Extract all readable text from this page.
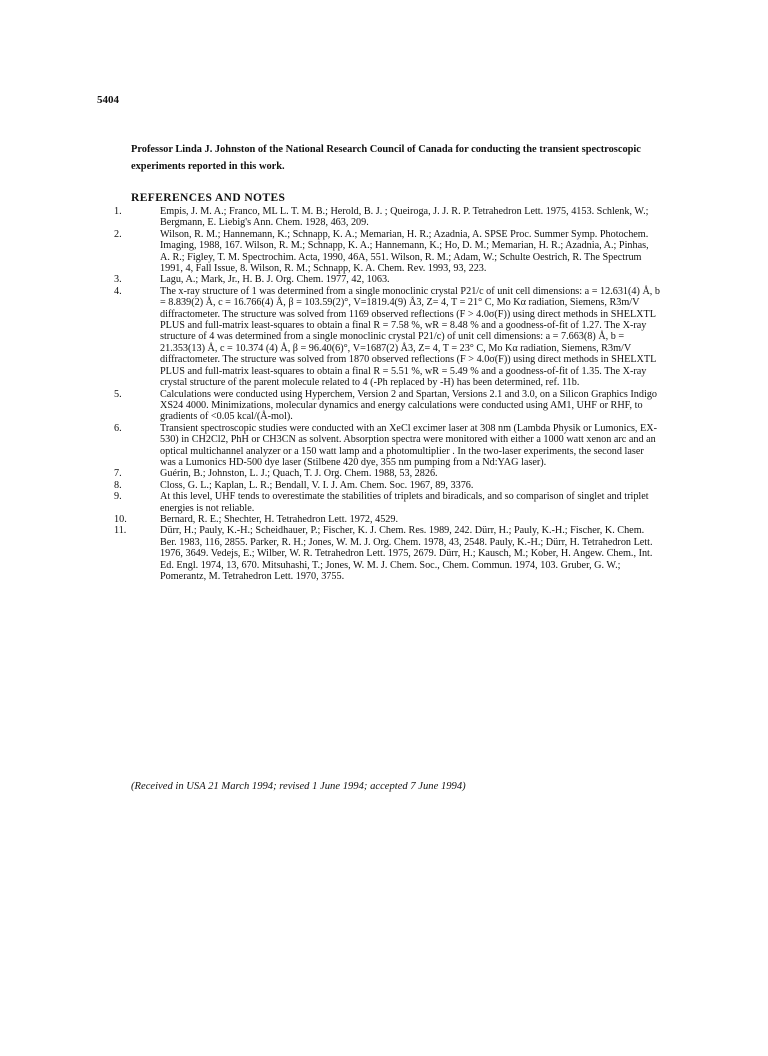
5404

Professor Linda J. Johnston of the National Research Council of Canada for conducting the transient spectroscopic experiments reported in this work.

REFERENCES AND NOTES
1.	Empis, J. M. A.; Franco, ML L. T. M. B.; Herold, B. J. ; Queiroga, J. J. R. P. Tetrahedron Lett. 1975, 4153. Schlenk, W.; Bergmann, E. Liebig's Ann. Chem. 1928, 463, 209.
2.	Wilson, R. M.; Hannemann, K.; Schnapp, K. A.; Memarian, H. R.; Azadnia, A. SPSE Proc. Summer Symp. Photochem. Imaging, 1988, 167. Wilson, R. M.; Schnapp, K. A.; Hannemann, K.; Ho, D. M.; Memarian, H. R.; Azadnia, A.; Pinhas, A. R.; Figley, T. M. Spectrochim. Acta, 1990, 46A, 551. Wilson, R. M.; Adam, W.; Schulte Oestrich, R. The Spectrum 1991, 4, Fall Issue, 8. Wilson, R. M.; Schnapp, K. A. Chem. Rev. 1993, 93, 223.
3.	Lagu, A.; Mark, Jr., H. B. J. Org. Chem. 1977, 42, 1063.
4.	The x-ray structure of 1 was determined from a single monoclinic crystal P21/c of unit cell dimensions: a = 12.631(4) Å, b = 8.839(2) Å, c = 16.766(4) Å, β = 103.59(2)°, V=1819.4(9) Å3, Z= 4, T = 21° C, Mo Kα radiation, Siemens, R3m/V diffractometer. The structure was solved from 1169 observed reflections (F > 4.0σ(F)) using direct methods in SHELXTL PLUS and full-matrix least-squares to obtain a final R = 7.58 %, wR = 8.48 % and a goodness-of-fit of 1.27. The X-ray structure of 4 was determined from a single monoclinic crystal P21/c) of unit cell dimensions: a = 7.663(8) Å, b = 21.353(13) Å, c = 10.374 (4) Å, β = 96.40(6)°, V=1687(2) Å3, Z= 4, T = 23° C, Mo Kα radiation, Siemens, R3m/V diffractometer. The structure was solved from 1870 observed reflections (F > 4.0σ(F)) using direct methods in SHELXTL PLUS and full-matrix least-squares to obtain a final R = 5.51 %, wR = 5.49 % and a goodness-of-fit of 1.35. The X-ray crystal structure of the parent molecule related to 4 (-Ph replaced by -H) has been determined, ref. 11b.
5.	Calculations were conducted using Hyperchem, Version 2 and Spartan, Versions 2.1 and 3.0, on a Silicon Graphics Indigo XS24 4000. Minimizations, molecular dynamics and energy calculations were conducted using AM1, UHF or RHF, to gradients of <0.05 kcal/(Å-mol).
6.	Transient spectroscopic studies were conducted with an XeCl excimer laser at 308 nm (Lambda Physik or Lumonics, EX-530) in CH2Cl2, PhH or CH3CN as solvent. Absorption spectra were monitored with either a 1000 watt xenon arc and an optical multichannel analyzer or a 150 watt lamp and a photomultiplier . In the two-laser experiments, the second laser was a Lumonics HD-500 dye laser (Stilbene 420 dye, 355 nm pumping from a Nd:YAG laser).
7.	Guérin, B.; Johnston, L. J.; Quach, T. J. Org. Chem. 1988, 53, 2826.
8.	Closs, G. L.; Kaplan, L. R.; Bendall, V. I. J. Am. Chem. Soc. 1967, 89, 3376.
9.	At this level, UHF tends to overestimate the stabilities of triplets and biradicals, and so comparison of singlet and triplet energies is not reliable.
10.	Bernard, R. E.; Shechter, H. Tetrahedron Lett. 1972, 4529.
11.	Dürr, H.; Pauly, K.-H.; Scheidhauer, P.; Fischer, K. J. Chem. Res. 1989, 242. Dürr, H.; Pauly, K.-H.; Fischer, K. Chem. Ber. 1983, 116, 2855. Parker, R. H.; Jones, W. M. J. Org. Chem. 1978, 43, 2548. Pauly, K.-H.; Dürr, H. Tetrahedron Lett. 1976, 3649. Vedejs, E.; Wilber, W. R. Tetrahedron Lett. 1975, 2679. Dürr, H.; Kausch, M.; Kober, H. Angew. Chem., Int. Ed. Engl. 1974, 13, 670. Mitsuhashi, T.; Jones, W. M. J. Chem. Soc., Chem. Commun. 1974, 103. Gruber, G. W.; Pomerantz, M. Tetrahedron Lett. 1970, 3755.
(Received in USA 21 March 1994; revised 1 June 1994; accepted 7 June 1994)
